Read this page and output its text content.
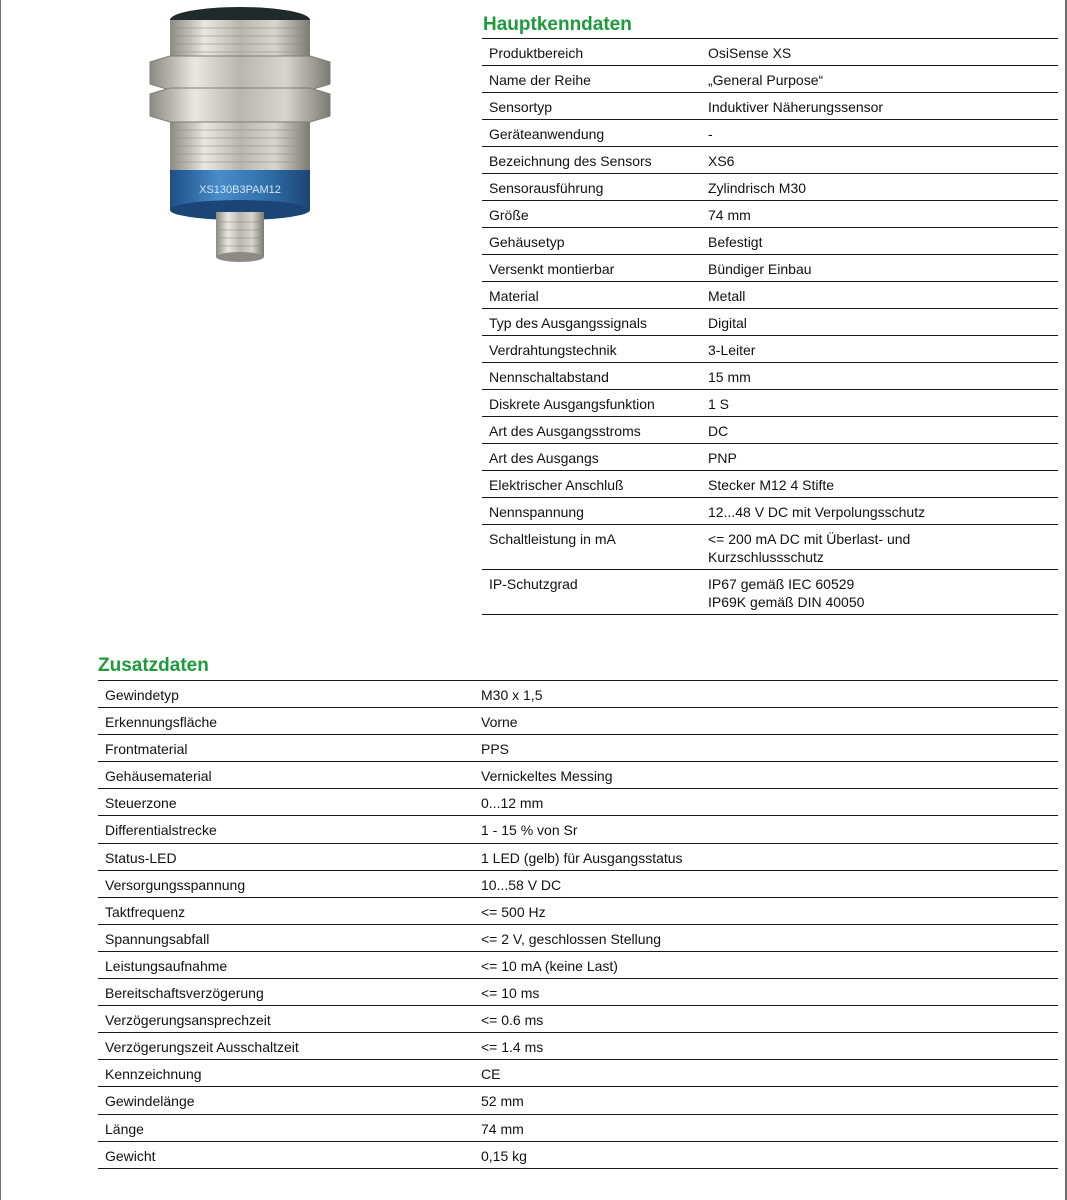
XS130B3PAM12
Hauptkenndaten
Produktbereich	OsiSense XS
Name der Reihe	„General Purpose“
Sensortyp	Induktiver Näherungssensor
Geräteanwendung	-
Bezeichnung des Sensors	XS6
Sensorausführung	Zylindrisch M30
Größe	74 mm
Gehäusetyp	Befestigt
Versenkt montierbar	Bündiger Einbau
Material	Metall
Typ des Ausgangssignals	Digital
Verdrahtungstechnik	3-Leiter
Nennschaltabstand	15 mm
Diskrete Ausgangsfunktion	1 S
Art des Ausgangsstroms	DC
Art des Ausgangs	PNP
Elektrischer Anschluß	Stecker M12 4 Stifte
Nennspannung	12...48 V DC mit Verpolungsschutz
Schaltleistung in mA	<= 200 mA DC mit Überlast- und
Kurzschlussschutz
IP-Schutzgrad	IP67 gemäß IEC 60529
IP69K gemäß DIN 40050
Zusatzdaten
Gewindetyp	M30 x 1,5
Erkennungsfläche	Vorne
Frontmaterial	PPS
Gehäusematerial	Vernickeltes Messing
Steuerzone	0...12 mm
Differentialstrecke	1 - 15 % von Sr
Status-LED	1 LED (gelb) für Ausgangsstatus
Versorgungsspannung	10...58 V DC
Taktfrequenz	<= 500 Hz
Spannungsabfall	<= 2 V, geschlossen Stellung
Leistungsaufnahme	<= 10 mA (keine Last)
Bereitschaftsverzögerung	<= 10 ms
Verzögerungsansprechzeit	<= 0.6 ms
Verzögerungszeit Ausschaltzeit	<= 1.4 ms
Kennzeichnung	CE
Gewindelänge	52 mm
Länge	74 mm
Gewicht	0,15 kg
